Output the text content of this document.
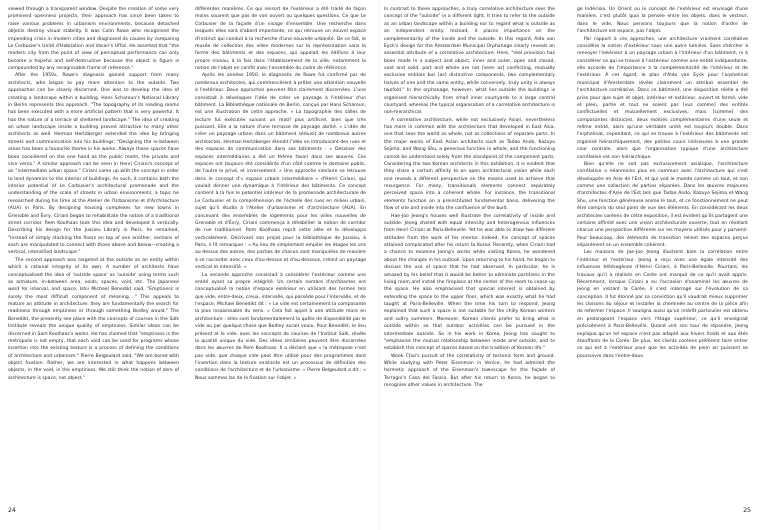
viewed through a transparent window. Despite the creation of some very prominent openness projects, their approach has since been taken to raise various problems in urbanism environments, because detached objects destroy visual stability. It was Colin Rowe who recognised the impending crisis in modern cities and diagnosed its causes by comparing Le Corbusier's Unité d'Habitation and Vasari's Uffizi. He asserted that "the modern city from the point of view of perceptual performance can only become a hopeful and self-destructive because the object in figure is compounded by any recognisable frame of reference."

After the 1950s, Rowe's diagnosis gained support from many architects, who began to pay more attention to the outside. Two approaches can be clearly discerned. One was to develop the idea of creating a landscape within a building. Hans Scharoun's National Library in Berlin represents this approach. "The topography of its reading rooms has been executed with a more artificial pattern that is very powerful. It has the nature of a terrace of sheltered landscape." The idea of creating an urban landscape inside a building proved attractive to many other architects as well. Herman Hertzberger extended the idea by bringing streets and communication into his buildings: "Designing the in-between areas has been a favourite theme in his works. Always these spaces have been considered on the one hand as the public realm, the private and vice versa." A similar approach can be seen in Henri Ciriani's concept of an "intermediate urban space." Ciriani came up with the concept in order to lend dynamics to the interior of buildings. As such, it contains both the interior potential of Le Corbusier's architectural promenade and the understanding of the scale of streets in urban environments, a topic he researched during his time at the Atelier de l'Urbanisme et d'Architecture (AUA) in Paris. By designing housing complexes for new towns in Grenoble and Évry, Ciriani began to rehabilitate the notion of a traditional street corridor. Rem Koolhaas took this idea and developed it vertically. Describing his design for the Jussieu Library in Paris, he remarked, "Instead of simply stacking the floors on top of one another, sections of each are manipulated to connect with those above and below—creating a vertical, intensified landscape."

The second approach was targeted at the outside as an entity within which a rational integrity of its own. A number of architects have conceptualised the idea of 'outside space' as 'outside' using terms such as armature, in-between area, voids, spaces, void, etc. The Japanese word for interval, and space, Ishii Michael Benedikt said, "Emptiness is surely the most difficult component of meaning…." This appeals to mature an attitude in architecture: they are fundamentally the search for readiness through emptiness or through something Bodley would." The Benedikt, the presently see place with the concepts of courses in the Salk Institute reveals the unique quality of emptiness. Similar ideas can be discerned in Sam Koolhaas's works. He has claimed that "emptiness is the metropolis is not empty, that each void can be used for programs whose insertion into the existing texture is a process of defining the conditions of architecture and urbanism." Pierre Belgeulard said, "We are bored with object fixation. Rather, we are interested in what happens between objects, in the void, in the emptiness. We still think the notion of zero of architecture is space, not object."

différentes manières. Ce qui ressort de l'extérieur a été traité de façon moins souvent que pas de voir ouvert ou quelques questions. Ce que Le Corbusier de la façade d'un visage d'ensemble. Une recherche dans lesquels elles sont d'abord importante, ce qui retrouve un nouvel espace d'instinct qui conduit à la recherche d'une nouvelle urbanité. De ce fait, le musée de collection des villes modernes sur la représentation sans la forme des bâtiments et des espaces, qui appelait les édifices à leur propre niveau, à la fois dans l'établissement de la ville, notamment la notion de l'objet en conflit avec l'ensemble du cadre de référence.

Après les années 1950, le diagnostic de Rowe fut confirmé par de nombreux architectes, qui commencèrent à prêter une attention nouvelle à l'extérieur. Deux approches peuvent être clairement discernées. L'une consistait à développer l'idée de créer un paysage à l'intérieur d'un bâtiment. La Bibliothèque nationale de Berlin, conçue par Hans Scharoun, est une illustration de cette approche. « La topographie des salles de lecture fut exécutée suivant un motif plus artificiel, bien que très puissant. Elle a la nature d'une terrasse de paysage abrité. » L'idée de créer un paysage urbain dans un bâtiment séduisit de nombreux autres architectes. Herman Hertzberger étendit l'idée en introduisant des rues et des espaces de communication dans ses bâtiments : « Dessiner des espaces intermédiaires a été un thème favori dans ses œuvres. Ces espaces ont toujours été considérés d'un côté comme le domaine public, de l'autre le privé, et inversement. » Une approche similaire se retrouve dans le concept d'« espace urbain intermédiaire » d'Henri Ciriani, qui voulait donner une dynamique à l'intérieur des bâtiments. Ce concept contient à la fois le potentiel intérieur de la promenade architecturale de Le Corbusier et la compréhension de l'échelle des rues en milieu urbain, sujet qu'il étudia à l'Atelier d'urbanisme et d'architecture (AUA). En concevant des ensembles de logements pour les villes nouvelles de Grenoble et d'Évry, Ciriani commença à réhabiliter la notion de corridor de rue traditionnel. Rem Koolhaas reprit cette idée et la développa verticalement. Décrivant son projet pour la bibliothèque de Jussieu, à Paris, il fit remarquer : « Au lieu de simplement empiler les étages les uns au-dessus des autres, des parties de chacun sont manipulées de manière à se raccorder avec ceux d'au-dessus et d'au-dessous, créant un paysage vertical et intensifié. »

La seconde approche consistait à considérer l'extérieur comme une entité ayant sa propre intégrité. Un certain nombre d'architectes ont conceptualisé la notion d'espace extérieur en utilisant des termes tels que vide, entre-deux, creux, intervalle, qui possède pour l'intervalle, et de l'espace, Michael Benedikt dit : « Le vide est certainement la composante la plus insaisissable du sens. » Cela fait appel à une attitude mûre en architecture : elles sont fondamentalement la quête de disponibilité par le vide ou par quelque chose que Bodley aurait voulu. Pour Benedikt, le lieu présent et le vide, avec les concepts de courses de l'Institut Salk, révèle la qualité unique du vide. Des idées similaires peuvent être discernées dans les œuvres de Rem Koolhaas. Il a déclaré que « la métropole n'est pas vide, que chaque vide peut être utilisé pour des programmes dont l'insertion dans la texture existante est un processus de définition des conditions de l'architecture et de l'urbanisme. » Pierre Belgeulard a dit : « Nous sommes las de la fixation sur l'objet. »

In contrast to these approaches, a truly correlative architecture sees the concept of the "outside" in a different light. It tries to refer to the outside as an urban landscape within a building nor to regard what is outside as an independent entity. Instead, it places importance on the complementarity of the inside and the outside. In this regard, Aldo van Eyck's design for the Amsterdam Municipal Orphanage clearly reveals an essential attribute of a correlative architecture. Here, "real provision has been made in a subject and object, inner and outer, open and closed, void and solid, part and whole are not [seen as] conflicting, mutually exclusive entities but [as] distinctive components, two complementary halves of one and the same entity, while conversely, truly unity is always twofold." In the orphanage, however, what lies outside the buildings is organised hierarchically from small inner courtyards to a large central courtyard, whereas the typical organisation of a correlative architecture is non-hierarchical.

A correlative architecture, while not exclusively Asian, nevertheless has more in common with the architecture that developed in East Asia, one that sees the world as whole, not as collections of separate parts. In the major works of East Asian architects such as Tadao Ando, Kazuyo Sejima, and Wang Shu, a generous function in whole, and the functioning cannot be understood solely from the standpoint of the component parts. Considering the two Korean architects in this exhibition, it is evident that they share a certain affinity to an open architectural vision while each one reveals a different perspective on the means used to achieve that resurgence. For many, transitionals elements connect separately perceived space into a coherent whole. For instance, the transitional elements function on a preinstituted fundamental basis, delivering the flow of site and inside into the confluence of the built.

Hae-Joo Jeong's houses well illustrate the correlativity of inside and outside. Jeong shared with equal intensity and heterogenous influences from Henri Ciriani at Paris-Belleville. Yet he was able to draw two different attitudes from the work of his mentor. Indeed, his concept of spaces attained complicated after his return to Korea. Recently, when Ciriani had a chance to examine Jeong's works while visiting Korea, he wondered about the changes in his outlook. Upon returning to his hand, he began to discuss the use of space that he had observed. In particular, he is amazed by his belief that it would be better to eliminate partitions in the living room and install the fireplace at the center of the room to cease up the space. He also emphasised that special interest is obtained by extending the space to the upper floor, which was exactly what he had taught at Paris-Belleville. When the time his turn to respond, Jeong explained that such a space is not suitable for the chilly Korean winters and sultry summers. Moreover, Korean clients prefer to bring what is outside within so that outdoor activities can be pursued in the intermediate outside. So in his work in Korea, Jeong has sought to "emphasise the mutual relationship between inside and outside, and to establish this concept of spaces based on the tradition of Korean life."

Wook Choi's pursuit of the correlativity of tectonic form and ground. While studying with Peter Eisenman in Venice, he had admired the hermetic approach of the Eisenman's townscape for the façade of Terragni's Casa del Fascio. But after his return to Korea, he began to recognise other values in architecture. The

ge Indécisio. Un Orient ou le concept de l'extérieur est envisagé d'une manière, c'est plutôt quoi la pensée entre les objets, dans le vecteur, dans le vide. Nous pensons toujours que la notion d'ordre de l'architecture est espace, pas l'objet.

Par rapport à ces approches, une architecture vraiment corrélative considère la notion d'extérieur sous une autre lumière. Sans chercher à renvoyer l'extérieur à un paysage urbain à l'intérieur d'un bâtiment, ni à considérer ce qui se trouve à l'extérieur comme une entité indépendante, elle accorde de l'importance à la complémentarité de l'intérieur et de l'extérieur. À cet égard, le plan d'Aldo van Eyck pour l'orphelinat municipal d'Amsterdam révèle clairement un attribut essentiel de l'architecture corrélative. Dans ce bâtiment, une disposition réelle a été prise pour que sujet et objet, intérieur et extérieur, ouvert et fermé, vide et plein, partie et tout ne soient pas [vus comme] des entités conflictuelles et mutuellement exclusives, mais [comme] des composantes distinctes, deux moitiés complémentaires d'une seule et même entité, alors qu'une véritable unité est toujours double. Dans l'orphelinat, cependant, ce qui se trouve à l'extérieur des bâtiments est organisé hiérarchiquement, des petites cours intérieures à une grande cour centrale, alors que l'organisation typique d'une architecture corrélative est non hiérarchique.

Bien qu'elle ne soit pas exclusivement asiatique, l'architecture corrélative a néanmoins plus en commun avec l'architecture qui s'est développée en Asie de l'Est, et qui voit le monde comme un tout, et non comme une collection de parties séparées. Dans les œuvres majeures d'architectes d'Asie de l'Est tels que Tadao Ando, Kazuyo Sejima et Wang Shu, une fonction généreuse anime le tout, et ce fonctionnement ne peut être compris du seul point de vue des éléments. En considérant les deux architectes coréens de cette exposition, il est évident qu'ils partagent une certaine affinité avec une vision architecturale ouverte, tout en révélant chacun une perspective différente sur les moyens utilisés pour y parvenir. Pour beaucoup, des éléments de transition relient des espaces perçus séparément en un ensemble cohérent.

Les maisons de Jae-Joo Jeong illustrent bien la corrélation entre l'intérieur et l'extérieur. Jeong a reçu avec une égale intensité des influences hétérogènes d'Henri Ciriani, à Paris-Belleville. Pourtant, les travaux qu'il a réalisés en Corée ont marqué de ce qu'il avait appris. Récemment, lorsque Ciriani a eu l'occasion d'examiner les œuvres de Jeong en visitant la Corée, il s'est interrogé sur l'évolution de sa conception. Il fut étonné par sa conviction qu'il vaudrait mieux supprimer les cloisons du séjour et installer la cheminée au centre de la pièce afin de refermer l'espace. Il souligna aussi qu'un intérêt particulier est obtenu en prolongeant l'espace vers l'étage supérieur, ce qu'il enseignait précisément à Paris-Belleville. Quand vint son tour de répondre, Jeong expliqua qu'un tel espace n'est pas adapté aux hivers froids et aux étés étouffants de la Corée. De plus, les clients coréens préfèrent faire entrer ce qui est à l'extérieur pour que les activités de plein air puissent se poursuivre dans l'entre-deux.

24	25
